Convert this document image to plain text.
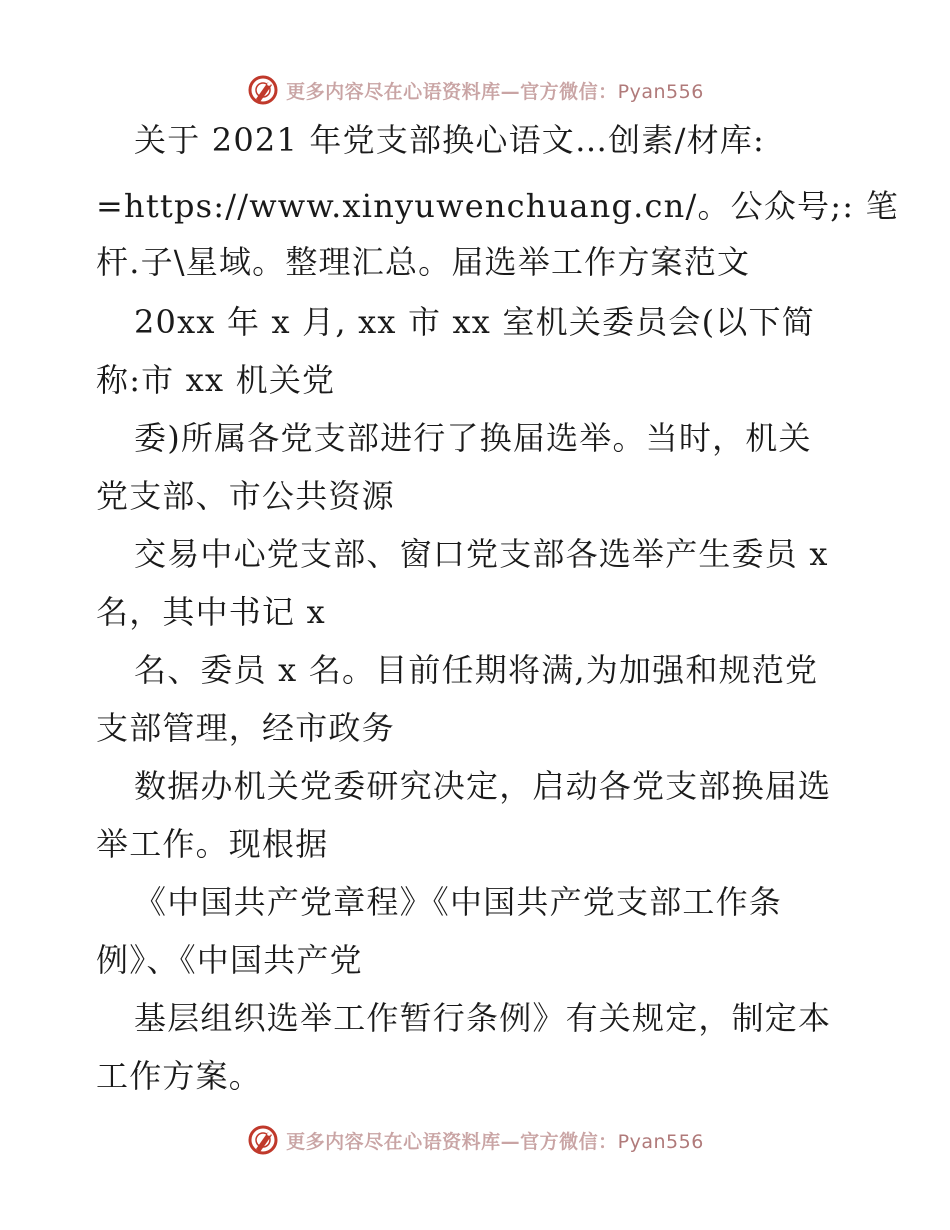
更多内容尽在心语资料库—官方微信：Pyan556
关于 2021 年党支部换心语文…创素/材库:
=https://www.xinyuwenchuang.cn/。公众号;: 笔
杆.子\星域。整理汇总。届选举工作方案范文
20xx 年 x 月, xx 市 xx 室机关委员会(以下简
称:市 xx 机关党
委)所属各党支部进行了换届选举。当时，机关
党支部、市公共资源
交易中心党支部、窗口党支部各选举产生委员 x
名，其中书记 x
名、委员 x 名。目前任期将满,为加强和规范党
支部管理，经市政务
数据办机关党委研究决定，启动各党支部换届选
举工作。现根据
《中国共产党章程》《中国共产党支部工作条
例》、《中国共产党
基层组织选举工作暂行条例》有关规定，制定本
工作方案。
更多内容尽在心语资料库—官方微信：Pyan556
